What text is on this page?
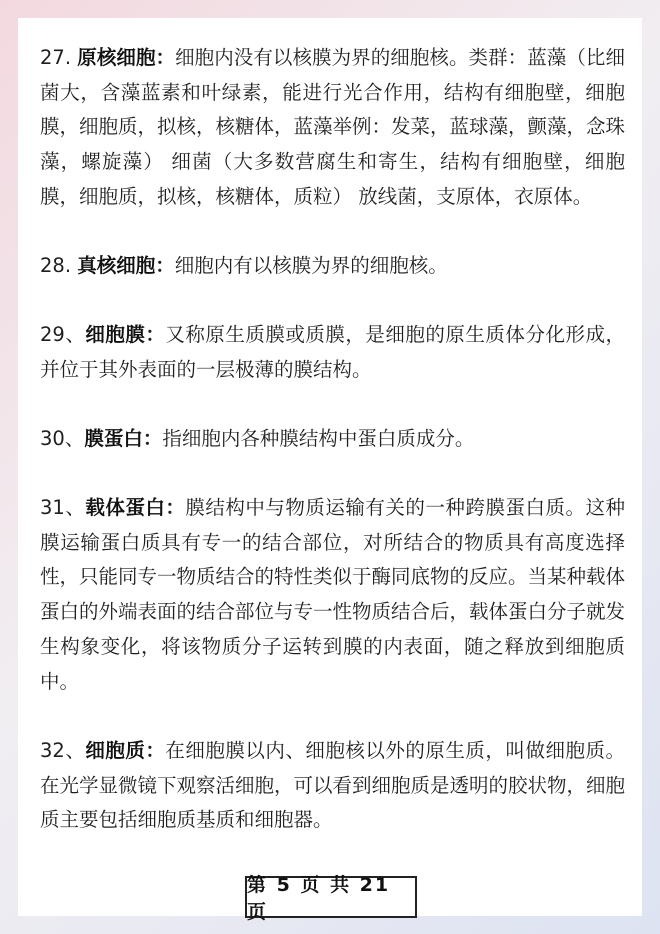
27. 原核细胞：细胞内没有以核膜为界的细胞核。类群：蓝藻（比细菌大，含藻蓝素和叶绿素，能进行光合作用，结构有细胞壁，细胞膜，细胞质，拟核，核糖体，蓝藻举例：发菜，蓝球藻，颤藻，念珠藻，螺旋藻） 细菌（大多数营腐生和寄生，结构有细胞壁，细胞膜，细胞质，拟核，核糖体，质粒） 放线菌，支原体，衣原体。

28. 真核细胞：细胞内有以核膜为界的细胞核。

29、细胞膜：又称原生质膜或质膜，是细胞的原生质体分化形成，并位于其外表面的一层极薄的膜结构。

30、膜蛋白：指细胞内各种膜结构中蛋白质成分。

31、载体蛋白：膜结构中与物质运输有关的一种跨膜蛋白质。这种膜运输蛋白质具有专一的结合部位，对所结合的物质具有高度选择性，只能同专一物质结合的特性类似于酶同底物的反应。当某种载体蛋白的外端表面的结合部位与专一性物质结合后，载体蛋白分子就发生构象变化，将该物质分子运转到膜的内表面，随之释放到细胞质中。

32、细胞质：在细胞膜以内、细胞核以外的原生质，叫做细胞质。在光学显微镜下观察活细胞，可以看到细胞质是透明的胶状物，细胞质主要包括细胞质基质和细胞器。

第 5 页 共 21 页
